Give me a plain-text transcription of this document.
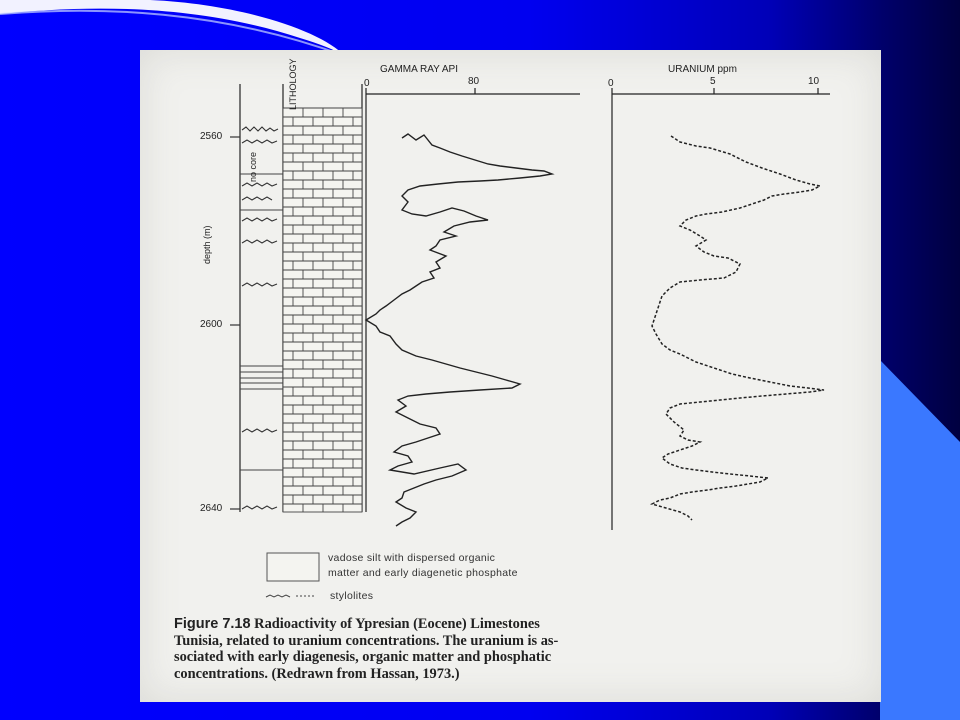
GAMMA RAY API
0	80
URANIUM ppm
0	5	10
LITHOLOGY
depth (m)
no core
2560
2600
2640
vadose silt with dispersed organic
matter and early diagenetic phosphate
stylolites
Figure 7.18 Radioactivity of Ypresian (Eocene) Limestones
Tunisia, related to uranium concentrations. The uranium is as-
sociated with early diagenesis, organic matter and phosphatic
concentrations. (Redrawn from Hassan, 1973.)
